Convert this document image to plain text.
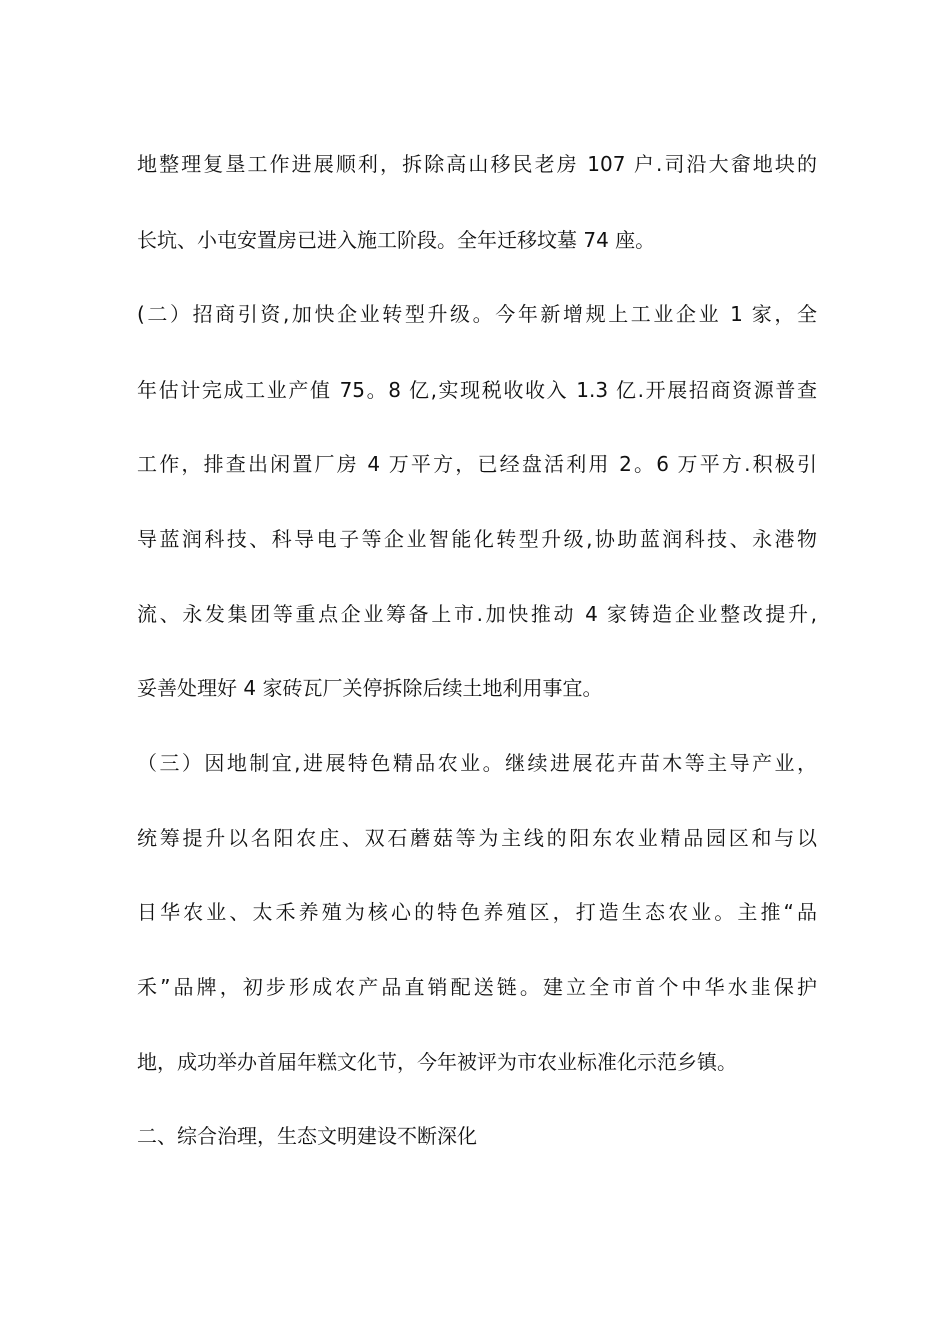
地整理复垦工作进展顺利，拆除高山移民老房 107 户.司沿大畲地块的
长坑、小屯安置房已进入施工阶段。全年迁移坟墓 74 座。
(二）招商引资,加快企业转型升级。今年新增规上工业企业 1 家，全
年估计完成工业产值 75。8 亿,实现税收收入 1.3 亿.开展招商资源普查
工作，排查出闲置厂房 4 万平方，已经盘活利用 2。6 万平方.积极引
导蓝润科技、科导电子等企业智能化转型升级,协助蓝润科技、永港物
流、永发集团等重点企业筹备上市.加快推动 4 家铸造企业整改提升,
妥善处理好 4 家砖瓦厂关停拆除后续土地利用事宜。
（三）因地制宜,进展特色精品农业。继续进展花卉苗木等主导产业，
统筹提升以名阳农庄、双石蘑菇等为主线的阳东农业精品园区和与以
日华农业、太禾养殖为核心的特色养殖区，打造生态农业。主推“品
禾”品牌，初步形成农产品直销配送链。建立全市首个中华水韭保护
地，成功举办首届年糕文化节，今年被评为市农业标准化示范乡镇。
二、综合治理，生态文明建设不断深化
